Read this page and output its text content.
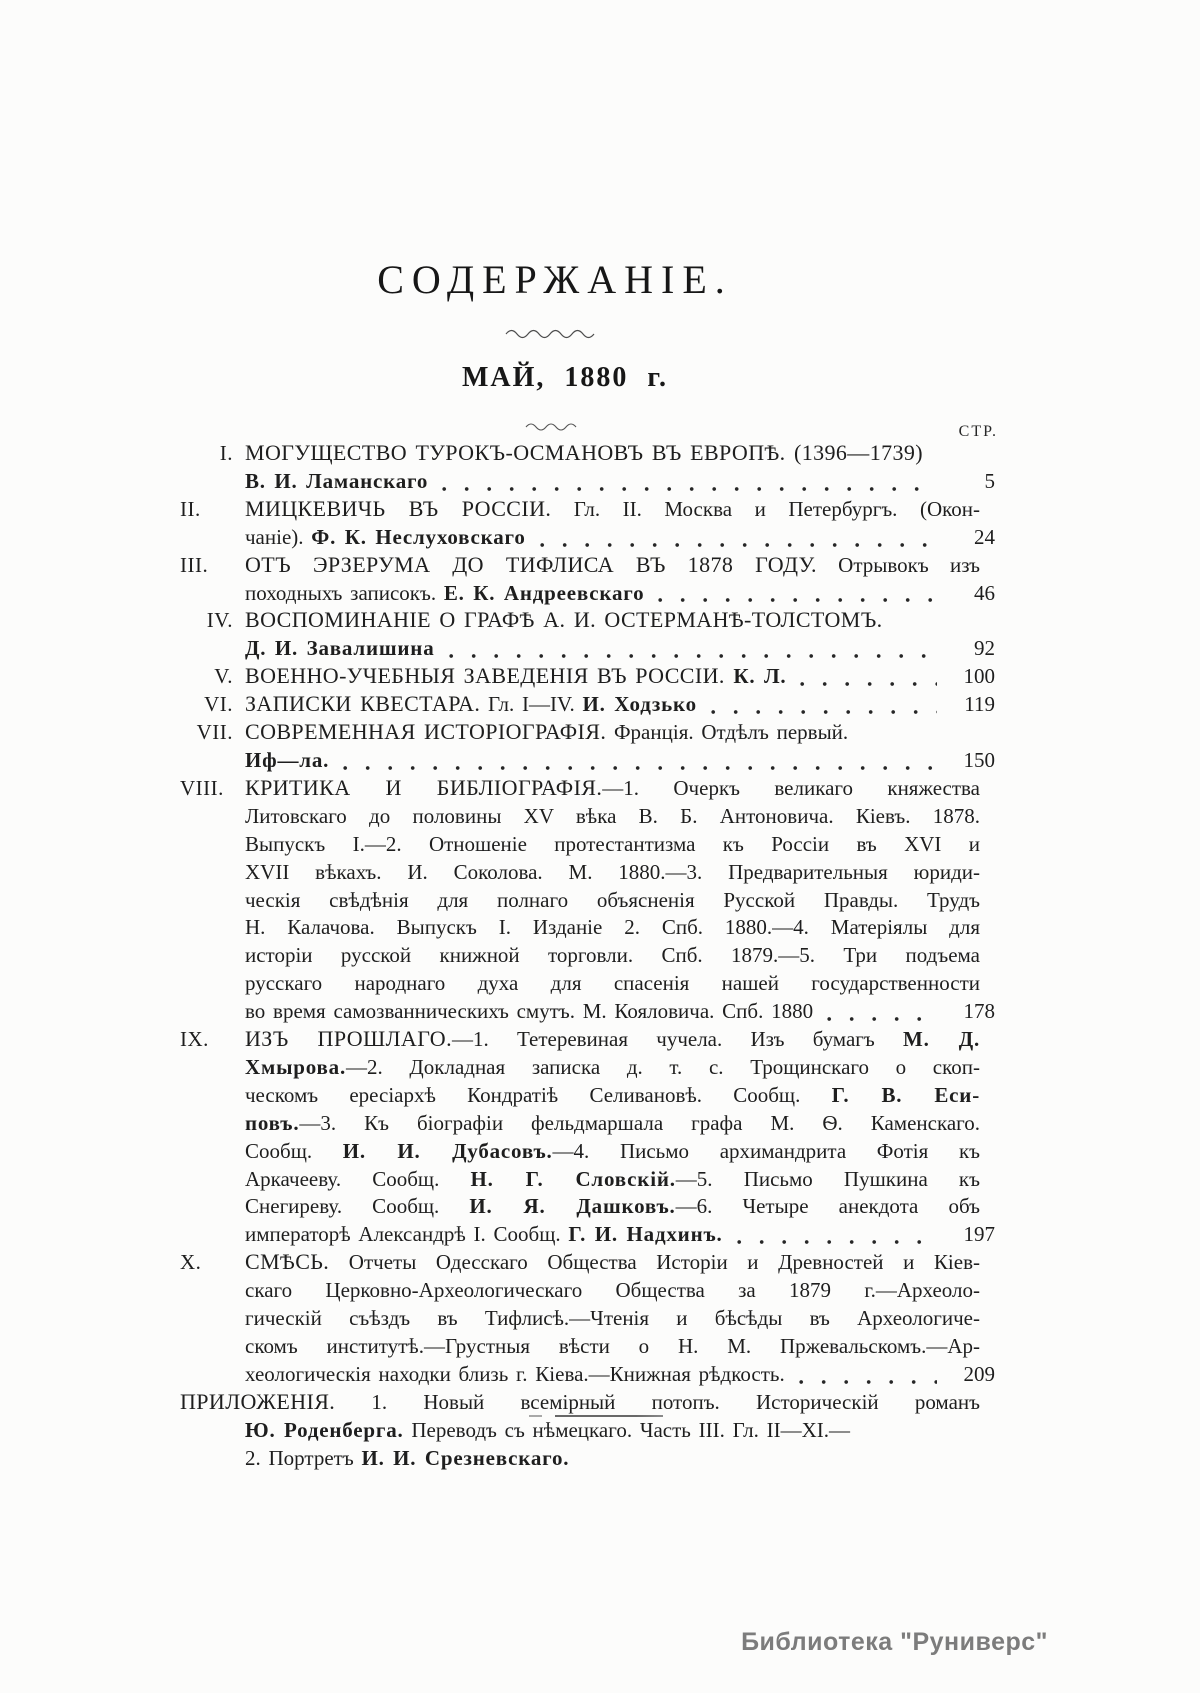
СОДЕРЖАНІЕ.
МАЙ, 1880 г.
СТР.
I. МОГУЩЕСТВО ТУРОКЪ-ОСМАНОВЪ ВЪ ЕВРОПѢ. (1396—1739)
В. И. Ламанскаго	5
II.	МИЦКЕВИЧЬ ВЪ РОССІИ. Гл. II. Москва и Петербургъ. (Окон-
чаніе). Ф. К. Неслуховскаго	24
III.	ОТЪ ЭРЗЕРУМА ДО ТИФЛИСА ВЪ 1878 ГОДУ. Отрывокъ изъ
походныхъ записокъ. Е. К. Андреевскаго	46
IV. ВОСПОМИНАНІЕ О ГРАФѢ А. И. ОСТЕРМАНѢ-ТОЛСТОМЪ.
Д. И. Завалишина	92
V. ВОЕННО-УЧЕБНЫЯ ЗАВЕДЕНІЯ ВЪ РОССІИ. К. Л.	100
VI. ЗАПИСКИ КВЕСТАРА. Гл. I—IV. И. Ходзько	119
VII. СОВРЕМЕННАЯ ИСТОРІОГРАФІЯ. Франція. Отдѣлъ первый.
Иф—ла.	150
VIII. КРИТИКА И БИБЛІОГРАФІЯ.—1. Очеркъ великаго княжества
Литовскаго до половины XV вѣка В. Б. Антоновича. Кіевъ. 1878.
Выпускъ I.—2. Отношеніе протестантизма къ Россіи въ XVI и
XVII вѣкахъ. И. Соколова. М. 1880.—3. Предварительныя юриди-
ческія свѣдѣнія для полнаго объясненія Русской Правды. Трудъ
Н. Калачова. Выпускъ I. Изданіе 2. Спб. 1880.—4. Матеріялы для
исторіи русской книжной торговли. Спб. 1879.—5. Три подъема
русскаго народнаго духа для спасенія нашей государственности
во время самозванническихъ смутъ. М. Кояловича. Спб. 1880	178
IX.	ИЗЪ ПРОШЛАГО.—1. Тетеревиная чучела. Изъ бумагъ М. Д.
Хмырова.—2. Докладная записка д. т. с. Трощинскаго о скоп-
ческомъ ересіархѣ Кондратіѣ Селивановѣ. Сообщ. Г. В. Еси-
повъ.—3. Къ біографіи фельдмаршала графа М. Ѳ. Каменскаго.
Сообщ. И. И. Дубасовъ.—4. Письмо архимандрита Фотія къ
Аркачееву. Сообщ. Н. Г. Словскій.—5. Письмо Пушкина къ
Снегиреву. Сообщ. И. Я. Дашковъ.—6. Четыре анекдота объ
императорѣ Александрѣ I. Сообщ. Г. И. Надхинъ.	197
X.	СМѢСЬ. Отчеты Одесскаго Общества Исторіи и Древностей и Кіев-
скаго Церковно-Археологическаго Общества за 1879 г.—Археоло-
гическій съѣздъ въ Тифлисѣ.—Чтенія и бѣсѣды въ Археологиче-
скомъ институтѣ.—Грустныя вѣсти о Н. М. Пржевальскомъ.—Ар-
хеологическія находки близь г. Кіева.—Книжная рѣдкость.	209
ПРИЛОЖЕНІЯ. 1. Новый всемірный потопъ. Историческій романъ
Ю. Роденберга. Переводъ съ нѣмецкаго. Часть III. Гл. II—XI.—
2. Портретъ И. И. Срезневскаго.
Библиотека "Руниверс"
